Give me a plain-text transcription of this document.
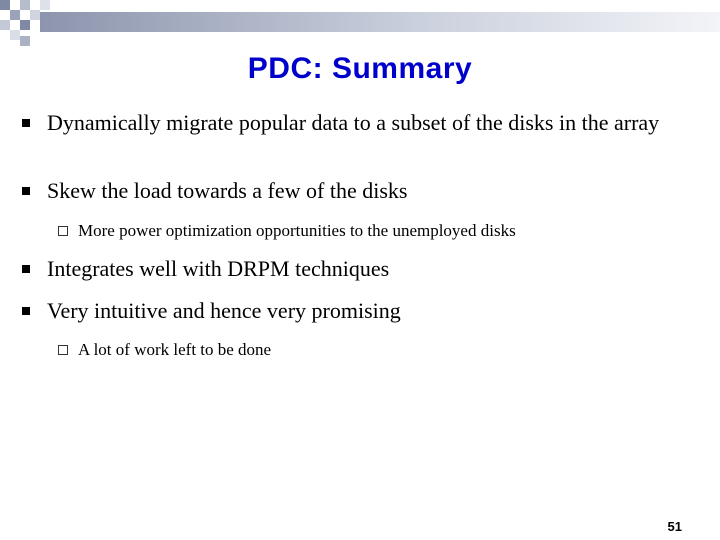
PDC: Summary
Dynamically migrate popular data to a subset of the disks in the array
Skew the load towards a few of the disks
More power optimization opportunities to the unemployed disks
Integrates well with DRPM techniques
Very intuitive and hence very promising
A lot of work left to be done
51
